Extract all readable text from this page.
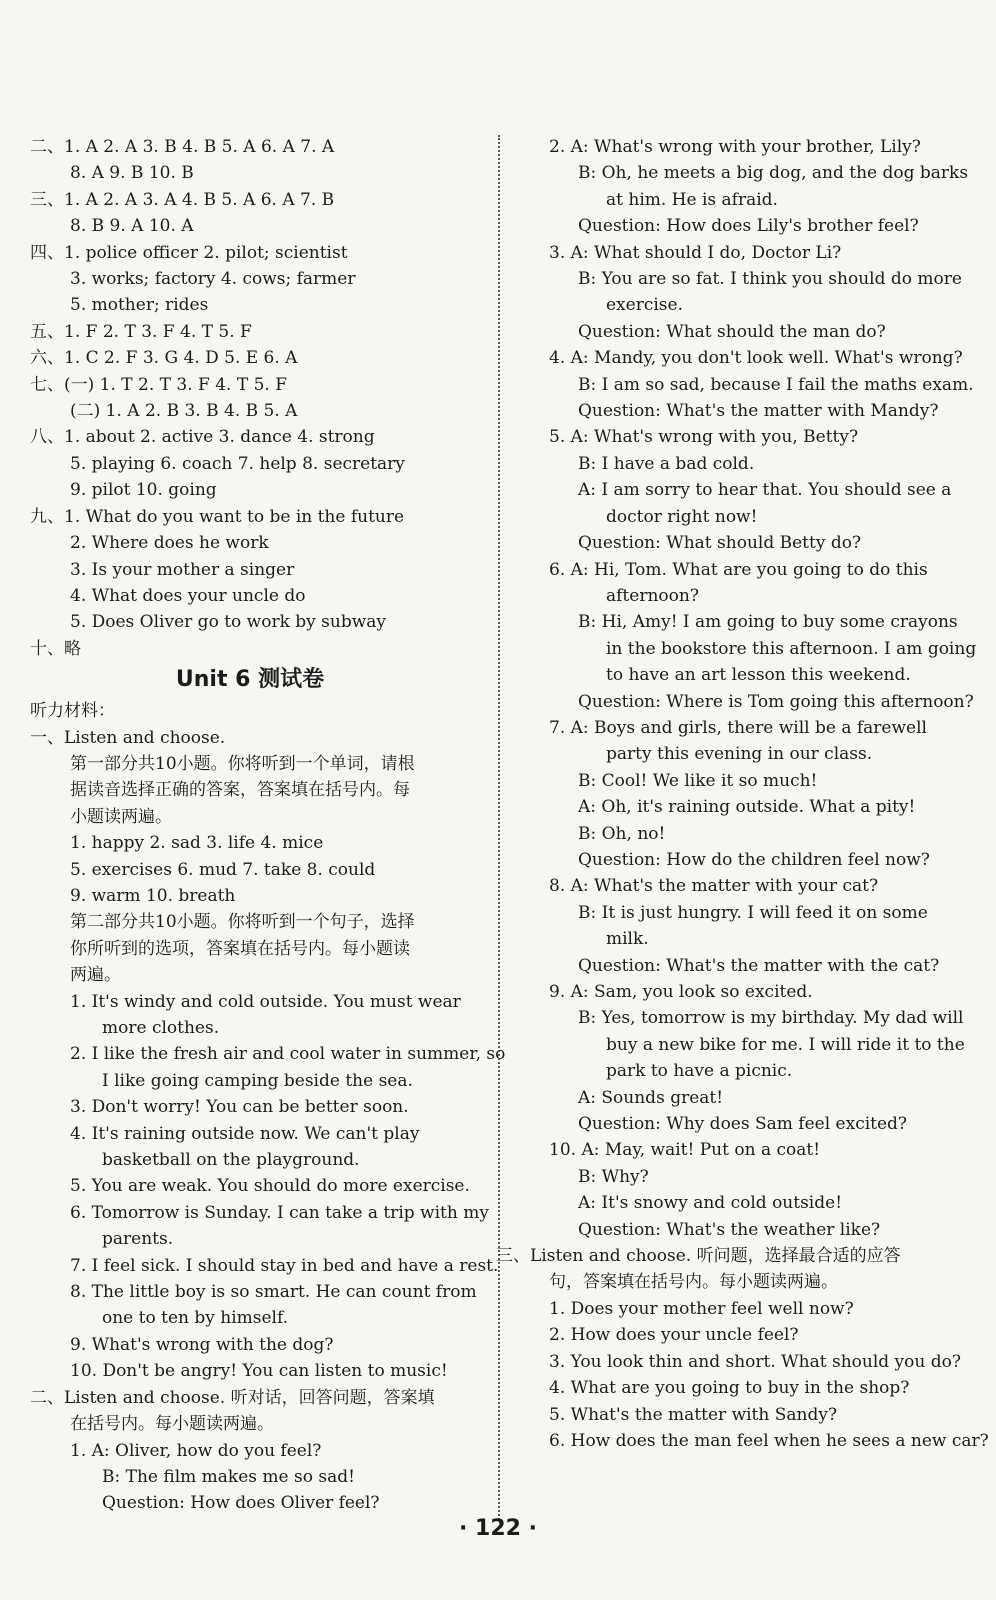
二、1. A 2. A 3. B 4. B 5. A 6. A 7. A
8. A 9. B 10. B
三、1. A 2. A 3. A 4. B 5. A 6. A 7. B
8. B 9. A 10. A
四、1. police officer 2. pilot; scientist
3. works; factory 4. cows; farmer
5. mother; rides
五、1. F 2. T 3. F 4. T 5. F
六、1. C 2. F 3. G 4. D 5. E 6. A
七、(一) 1. T 2. T 3. F 4. T 5. F
(二) 1. A 2. B 3. B 4. B 5. A
八、1. about 2. active 3. dance 4. strong
5. playing 6. coach 7. help 8. secretary
9. pilot 10. going
九、1. What do you want to be in the future
2. Where does he work
3. Is your mother a singer
4. What does your uncle do
5. Does Oliver go to work by subway
十、略
Unit 6 测试卷
听力材料：
一、Listen and choose.
第一部分共10小题。你将听到一个单词，请根
据读音选择正确的答案，答案填在括号内。每
小题读两遍。
1. happy 2. sad 3. life 4. mice
5. exercises 6. mud 7. take 8. could
9. warm 10. breath
第二部分共10小题。你将听到一个句子，选择
你所听到的选项，答案填在括号内。每小题读
两遍。
1. It's windy and cold outside. You must wear
more clothes.
2. I like the fresh air and cool water in summer, so
I like going camping beside the sea.
3. Don't worry! You can be better soon.
4. It's raining outside now. We can't play
basketball on the playground.
5. You are weak. You should do more exercise.
6. Tomorrow is Sunday. I can take a trip with my
parents.
7. I feel sick. I should stay in bed and have a rest.
8. The little boy is so smart. He can count from
one to ten by himself.
9. What's wrong with the dog?
10. Don't be angry! You can listen to music!
二、Listen and choose. 听对话，回答问题，答案填
在括号内。每小题读两遍。
1. A: Oliver, how do you feel?
B: The film makes me so sad!
Question: How does Oliver feel?
2. A: What's wrong with your brother, Lily?
B: Oh, he meets a big dog, and the dog barks
at him. He is afraid.
Question: How does Lily's brother feel?
3. A: What should I do, Doctor Li?
B: You are so fat. I think you should do more
exercise.
Question: What should the man do?
4. A: Mandy, you don't look well. What's wrong?
B: I am so sad, because I fail the maths exam.
Question: What's the matter with Mandy?
5. A: What's wrong with you, Betty?
B: I have a bad cold.
A: I am sorry to hear that. You should see a
doctor right now!
Question: What should Betty do?
6. A: Hi, Tom. What are you going to do this
afternoon?
B: Hi, Amy! I am going to buy some crayons
in the bookstore this afternoon. I am going
to have an art lesson this weekend.
Question: Where is Tom going this afternoon?
7. A: Boys and girls, there will be a farewell
party this evening in our class.
B: Cool! We like it so much!
A: Oh, it's raining outside. What a pity!
B: Oh, no!
Question: How do the children feel now?
8. A: What's the matter with your cat?
B: It is just hungry. I will feed it on some
milk.
Question: What's the matter with the cat?
9. A: Sam, you look so excited.
B: Yes, tomorrow is my birthday. My dad will
buy a new bike for me. I will ride it to the
park to have a picnic.
A: Sounds great!
Question: Why does Sam feel excited?
10. A: May, wait! Put on a coat!
B: Why?
A: It's snowy and cold outside!
Question: What's the weather like?
三、Listen and choose. 听问题，选择最合适的应答
句，答案填在括号内。每小题读两遍。
1. Does your mother feel well now?
2. How does your uncle feel?
3. You look thin and short. What should you do?
4. What are you going to buy in the shop?
5. What's the matter with Sandy?
6. How does the man feel when he sees a new car?
· 122 ·
